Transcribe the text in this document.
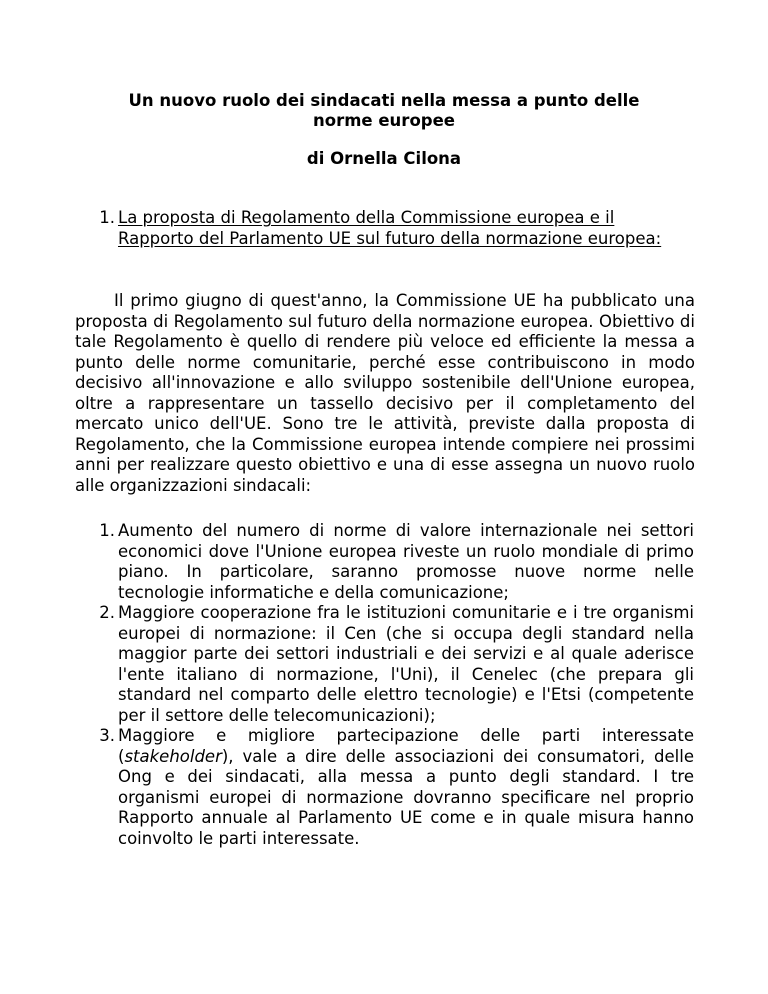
Un nuovo ruolo dei sindacati nella messa a punto delle
norme europee
di Ornella Cilona
1. La proposta di Regolamento della Commissione europea e il Rapporto del Parlamento UE sul futuro della normazione europea:

Il primo giugno di quest'anno, la Commissione UE ha pubblicato una proposta di Regolamento sul futuro della normazione europea. Obiettivo di tale Regolamento è quello di rendere più veloce ed efficiente la messa a punto delle norme comunitarie, perché esse contribuiscono in modo decisivo all'innovazione e allo sviluppo sostenibile dell'Unione europea, oltre a rappresentare un tassello decisivo per il completamento del mercato unico dell'UE. Sono tre le attività, previste dalla proposta di Regolamento, che la Commissione europea intende compiere nei prossimi anni per realizzare questo obiettivo e una di esse assegna un nuovo ruolo alle organizzazioni sindacali:

1. Aumento del numero di norme di valore internazionale nei settori economici dove l'Unione europea riveste un ruolo mondiale di primo piano. In particolare, saranno promosse nuove norme nelle tecnologie informatiche e della comunicazione;
2. Maggiore cooperazione fra le istituzioni comunitarie e i tre organismi europei di normazione: il Cen (che si occupa degli standard nella maggior parte dei settori industriali e dei servizi e al quale aderisce l'ente italiano di normazione, l'Uni), il Cenelec (che prepara gli standard nel comparto delle elettro tecnologie) e l'Etsi (competente per il settore delle telecomunicazioni);
3. Maggiore e migliore partecipazione delle parti interessate (stakeholder), vale a dire delle associazioni dei consumatori, delle Ong e dei sindacati, alla messa a punto degli standard. I tre organismi europei di normazione dovranno specificare nel proprio Rapporto annuale al Parlamento UE come e in quale misura hanno coinvolto le parti interessate.
